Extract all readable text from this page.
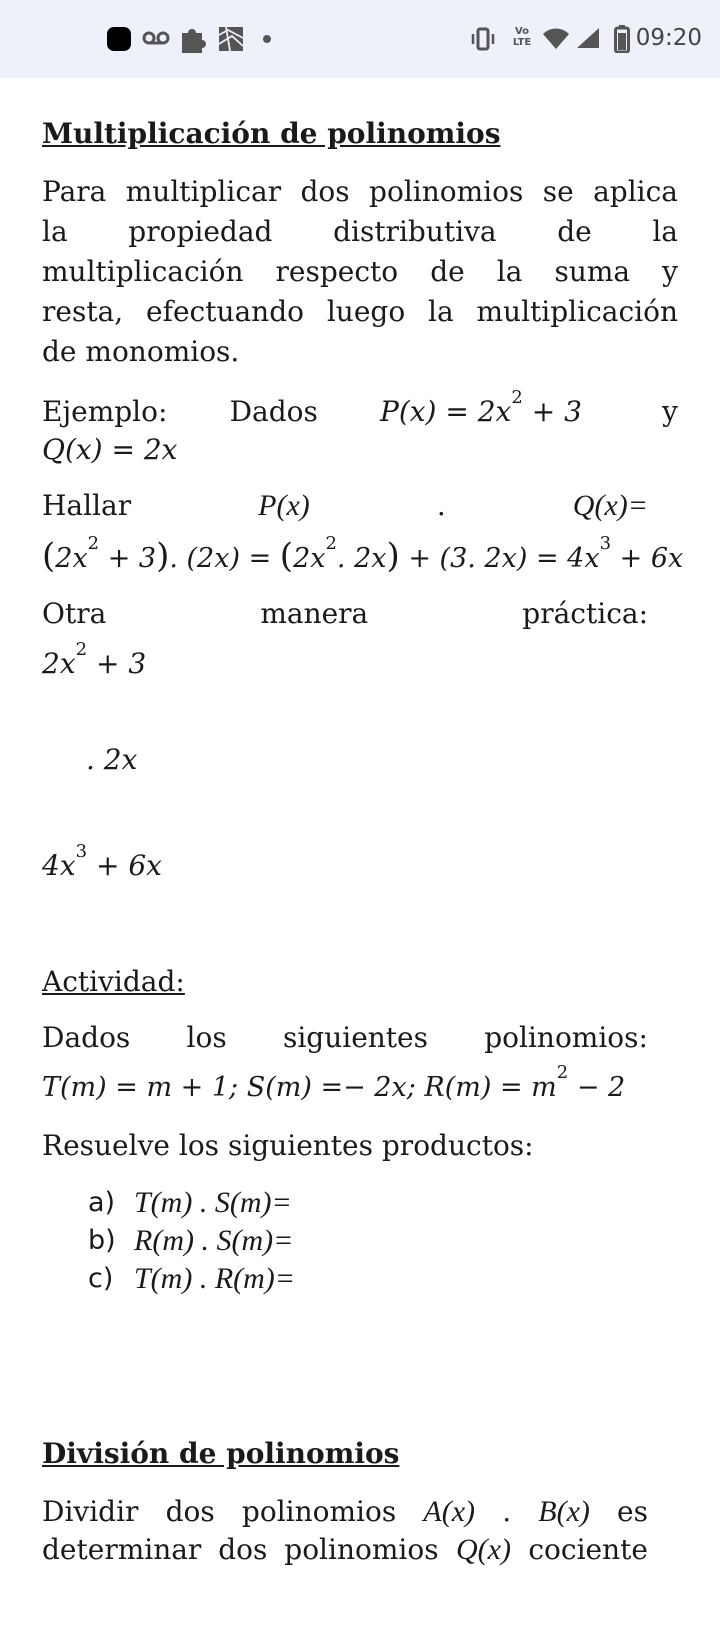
Vo LTE	09:20
Multiplicación de polinomios
Para multiplicar dos polinomios se aplica
la propiedad distributiva de la
multiplicación respecto de la suma y
resta, efectuando luego la multiplicación
de monomios.
Ejemplo: Dados $P(x) = 2x^2 + 3$	y
Q(x) = 2x
Hallar	P(x)	.	Q(x)=
$(2x^2 + 3)$. $(2x) = (2x^2$. 2x) + (3. $2x) = 4x^3 + 6x$
Otra	manera	práctica:
$2x^2 + 3$
. 2x
$4x^3 + 6x$
Actividad:
Dados los siguientes polinomios:
T(m) = m + 1; S(m) =− 2x; $R(m) = m^2 - 2$
Resuelve los siguientes productos:
a) T(m) . S(m)=
b) R(m) . S(m)=
c) T(m) . R(m)=
División de polinomios
Dividir dos polinomios A(x) . B(x) es
determinar dos polinomios Q(x) cociente
